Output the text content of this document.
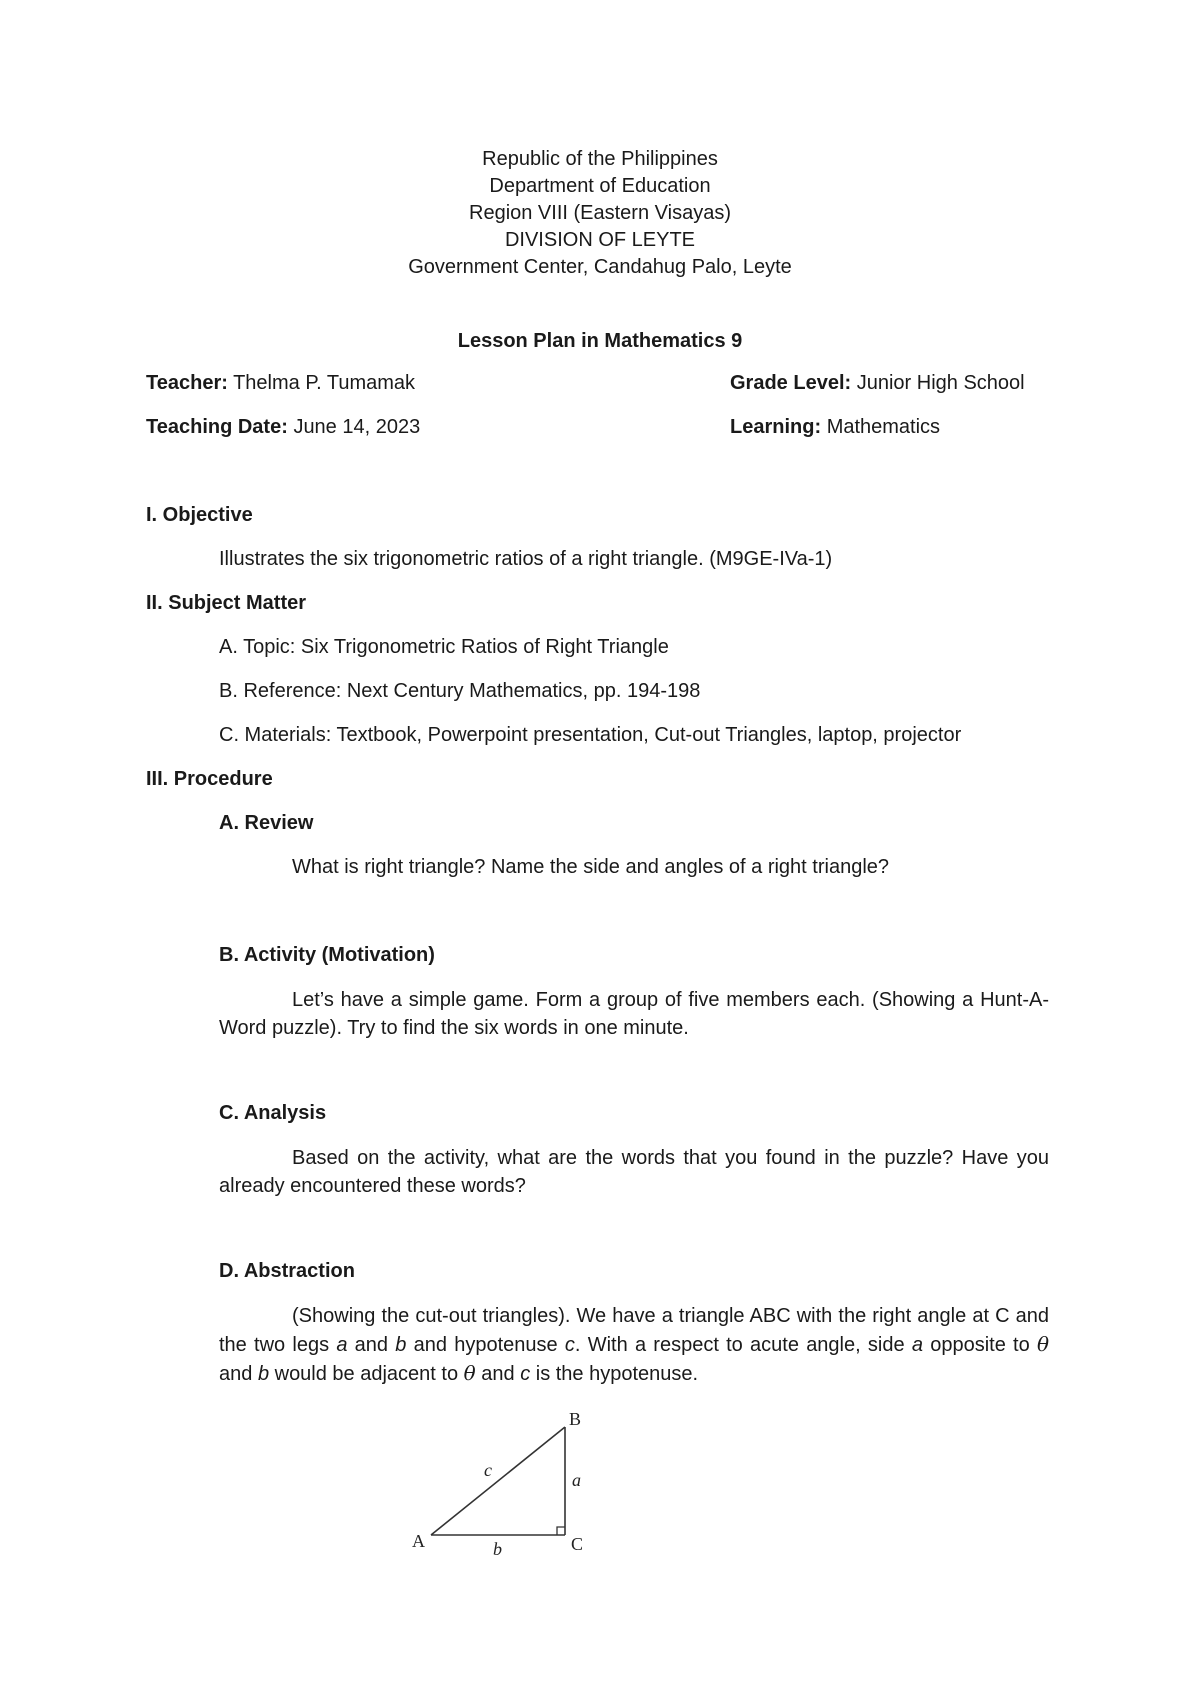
Republic of the Philippines
Department of Education
Region VIII (Eastern Visayas)
DIVISION OF LEYTE
Government Center, Candahug Palo, Leyte
Lesson Plan in Mathematics 9
Teacher: Thelma P. Tumamak	Grade Level: Junior High School
Teaching Date: June 14, 2023	Learning: Mathematics
I. Objective
Illustrates the six trigonometric ratios of a right triangle. (M9GE-IVa-1)
II. Subject Matter
A. Topic: Six Trigonometric Ratios of Right Triangle
B. Reference: Next Century Mathematics, pp. 194-198
C. Materials: Textbook, Powerpoint presentation, Cut-out Triangles, laptop, projector
III. Procedure
A. Review
What is right triangle? Name the side and angles of a right triangle?
B. Activity (Motivation)
Let’s have a simple game. Form a group of five members each. (Showing a Hunt-A-Word puzzle). Try to find the six words in one minute.
C. Analysis
Based on the activity, what are the words that you found in the puzzle? Have you already encountered these words?
D. Abstraction
(Showing the cut-out triangles). We have a triangle ABC with the right angle at C and the two legs a and b and hypotenuse c. With a respect to acute angle, side a opposite to θ and b would be adjacent to θ and c is the hypotenuse.
A
B
C
a
b
c
